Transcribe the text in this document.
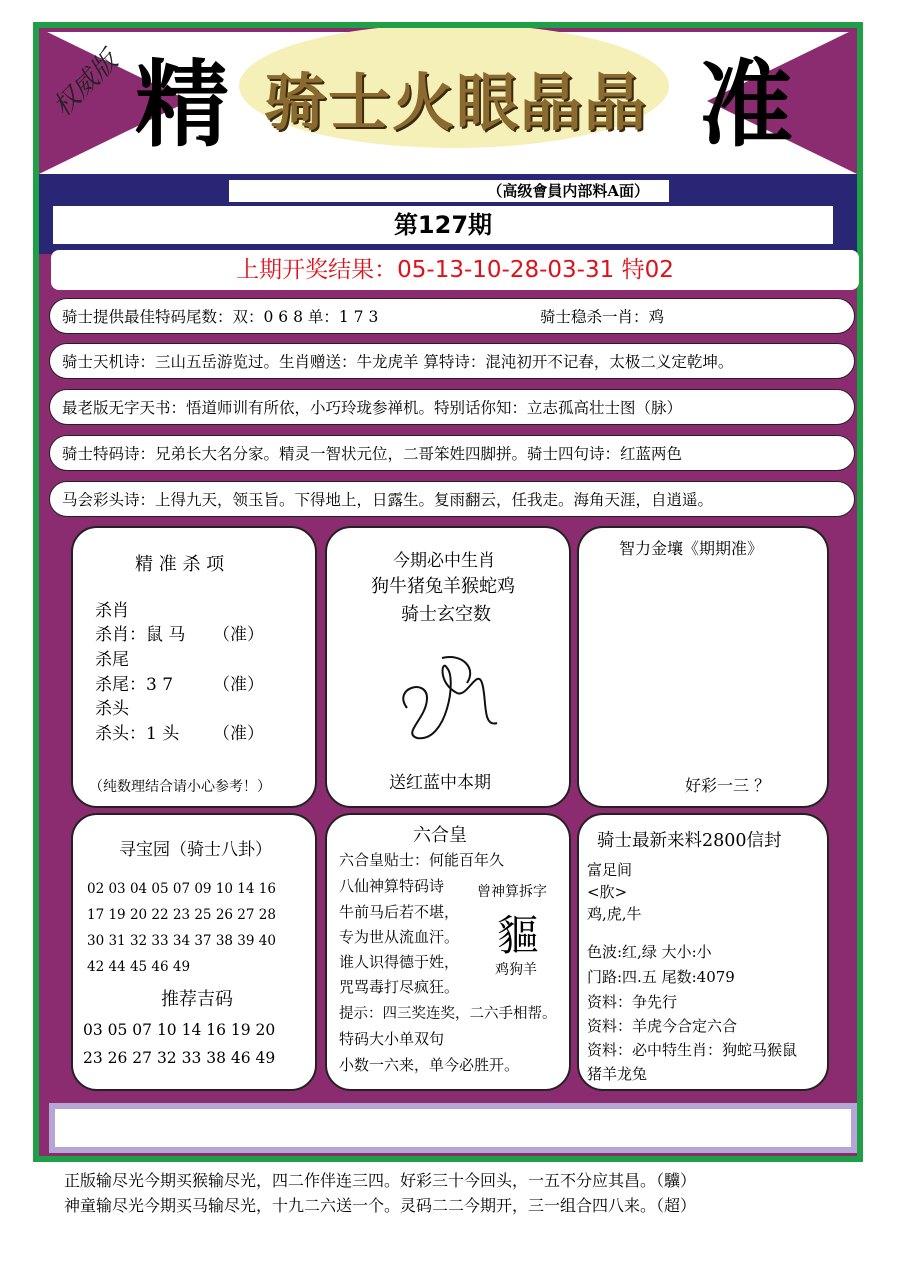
权威版 精 骑士火眼晶晶 准
（高级會員内部料A面）
第127期
上期开奖结果：05-13-10-28-03-31 特02
骑士提供最佳特码尾数：双：0 6 8 单：1 7 3	骑士稳杀一肖：鸡
骑士天机诗：三山五岳游览过。生肖赠送：牛龙虎羊 算特诗：混沌初开不记春，太极二义定乾坤。
最老版无字天书：悟道师训有所依，小巧玲珑参禅机。特别话你知：立志孤高壮士图（脉）
骑士特码诗：兄弟长大名分家。精灵一智状元位，二哥笨姓四脚拼。骑士四句诗：红蓝两色
马会彩头诗：上得九天，领玉旨。下得地上，日露生。复雨翻云，任我走。海角天涯，自逍遥。
精 准 杀 项
杀肖
杀肖：鼠 马 （准）
杀尾
杀尾：3 7 （准）
杀头
杀头：1 头 （准）
（纯数理结合请小心参考！）
今期必中生肖
狗牛猪兔羊猴蛇鸡
骑士玄空数
送红蓝中本期
智力金壤《期期准》
好彩一三 ？
寻宝园（骑士八卦）
02 03 04 05 07 09 10 14 16
17 19 20 22 23 25 26 27 28
30 31 32 33 34 37 38 39 40
42 44 45 46 49
推荐吉码
03 05 07 10 14 16 19 20
23 26 27 32 33 38 46 49
六合皇
六合皇贴士：何能百年久
八仙神算特码诗
牛前马后若不堪，
专为世从流血汗。
谁人识得德于姓，
咒骂毒打尽疯狂。
提示：四三奖连奖，二六手相帮。
特码大小单双句
小数一六来，单今必胜开。
曾神算拆字
貙
鸡狗羊
骑士最新来料2800信封
富足间
<肷>
鸡,虎,牛
色波:红,绿 大小:小
门路:四.五 尾数:4079
资料：争先行
资料：羊虎今合定六合
资料：必中特生肖：狗蛇马猴鼠
猪羊龙兔
正版输尽光今期买猴输尽光，四二作伴连三四。好彩三十今回头，一五不分应其昌。（驥）
神童输尽光今期买马输尽光，十九二六送一个。灵码二二今期开，三一组合四八来。（超）
